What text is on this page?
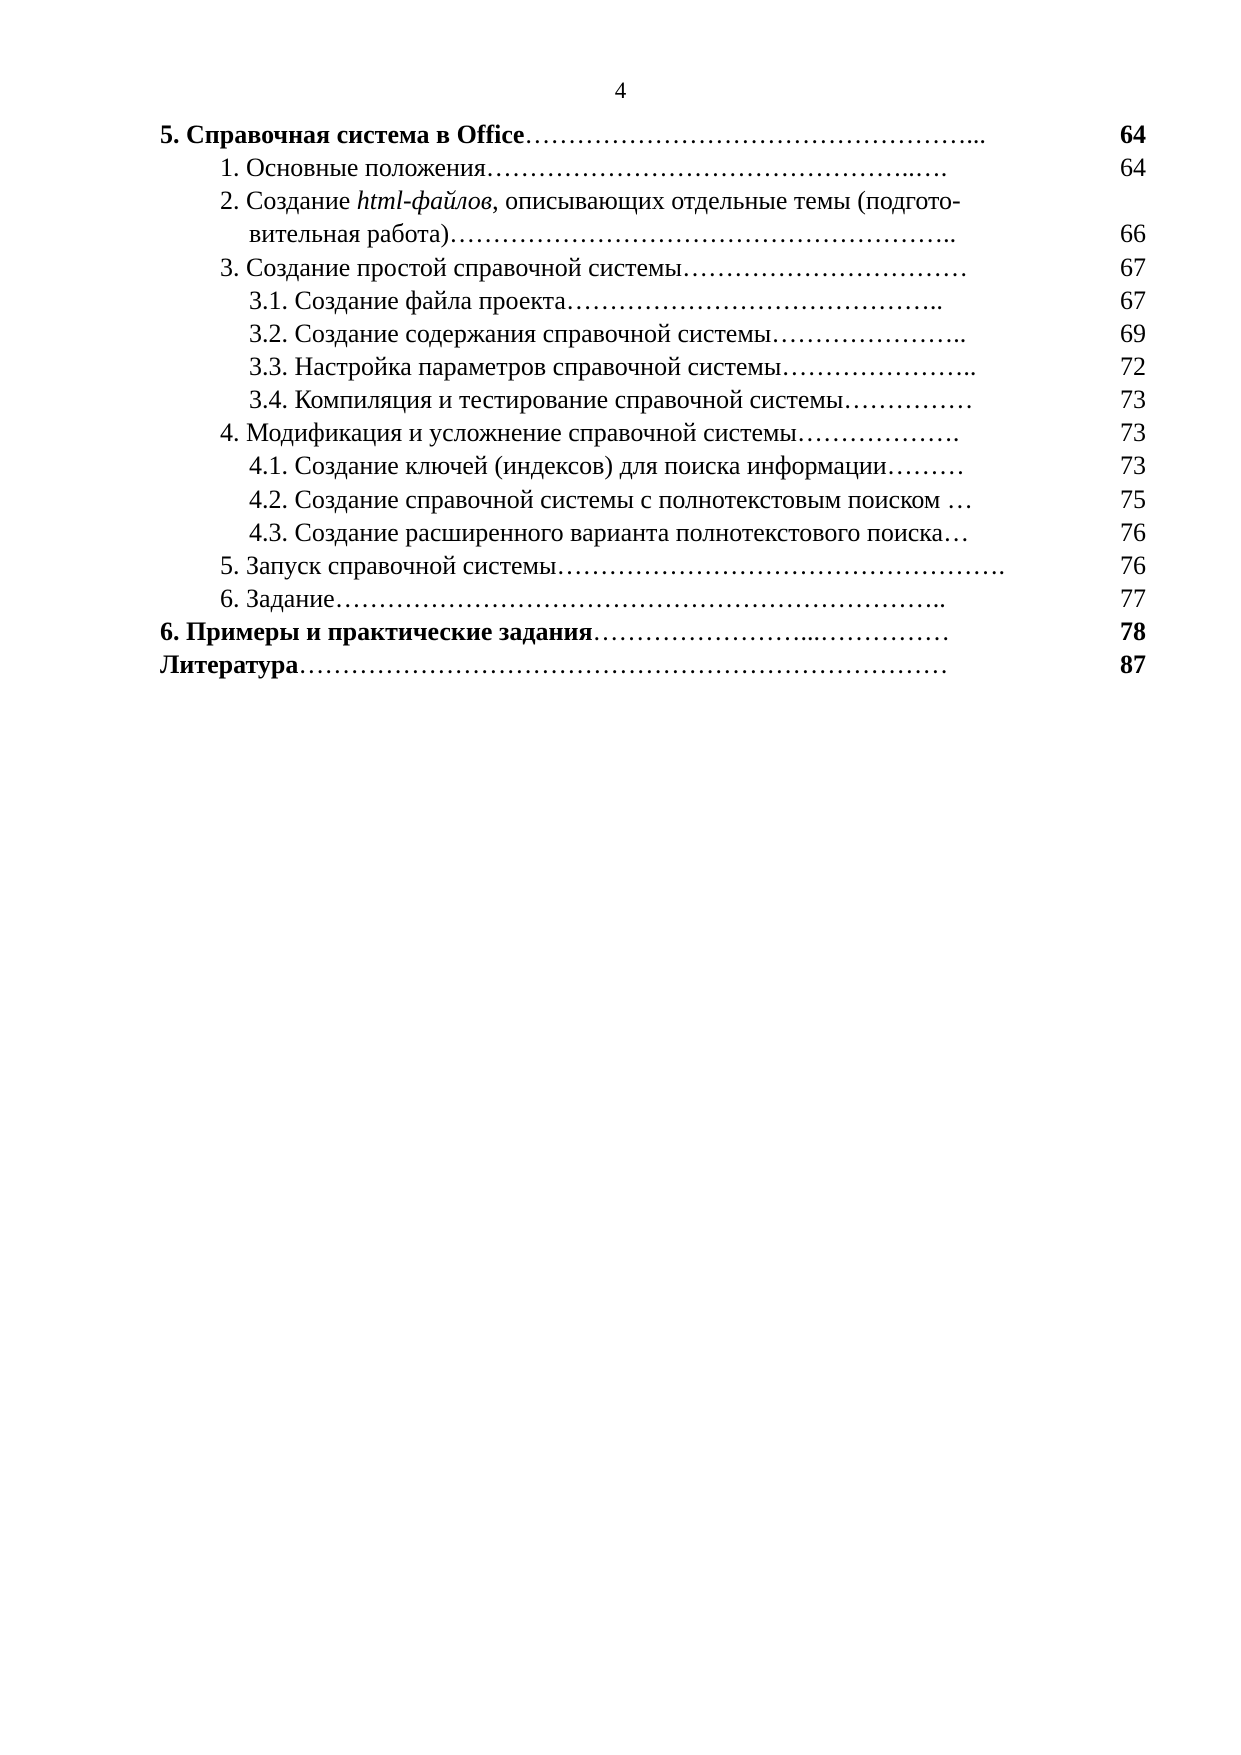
4
5. Справочная система в Office……………………………………………...	64
1. Основные положения…………………………………………..….	64
2. Создание html-файлов, описывающих отдельные темы (подгото-
вительная работа)…………………………………………………..	66
3. Создание простой справочной системы……………………………	67
3.1. Создание файла проекта……………………………………..	67
3.2. Создание содержания справочной системы…………………..	69
3.3. Настройка параметров справочной системы…………………..	72
3.4. Компиляция и тестирование справочной системы……………	73
4. Модификация и усложнение справочной системы……………….	73
4.1. Создание ключей (индексов) для поиска информации………	73
4.2. Создание справочной системы с полнотекстовым поиском …	75
4.3. Создание расширенного варианта полнотекстового поиска…	76
5. Запуск справочной системы…………………………………………….	76
6. Задание……………………………………………………………..	77
6. Примеры и практические задания……………………...……………	78
Литература…………………………………………………………………	87
